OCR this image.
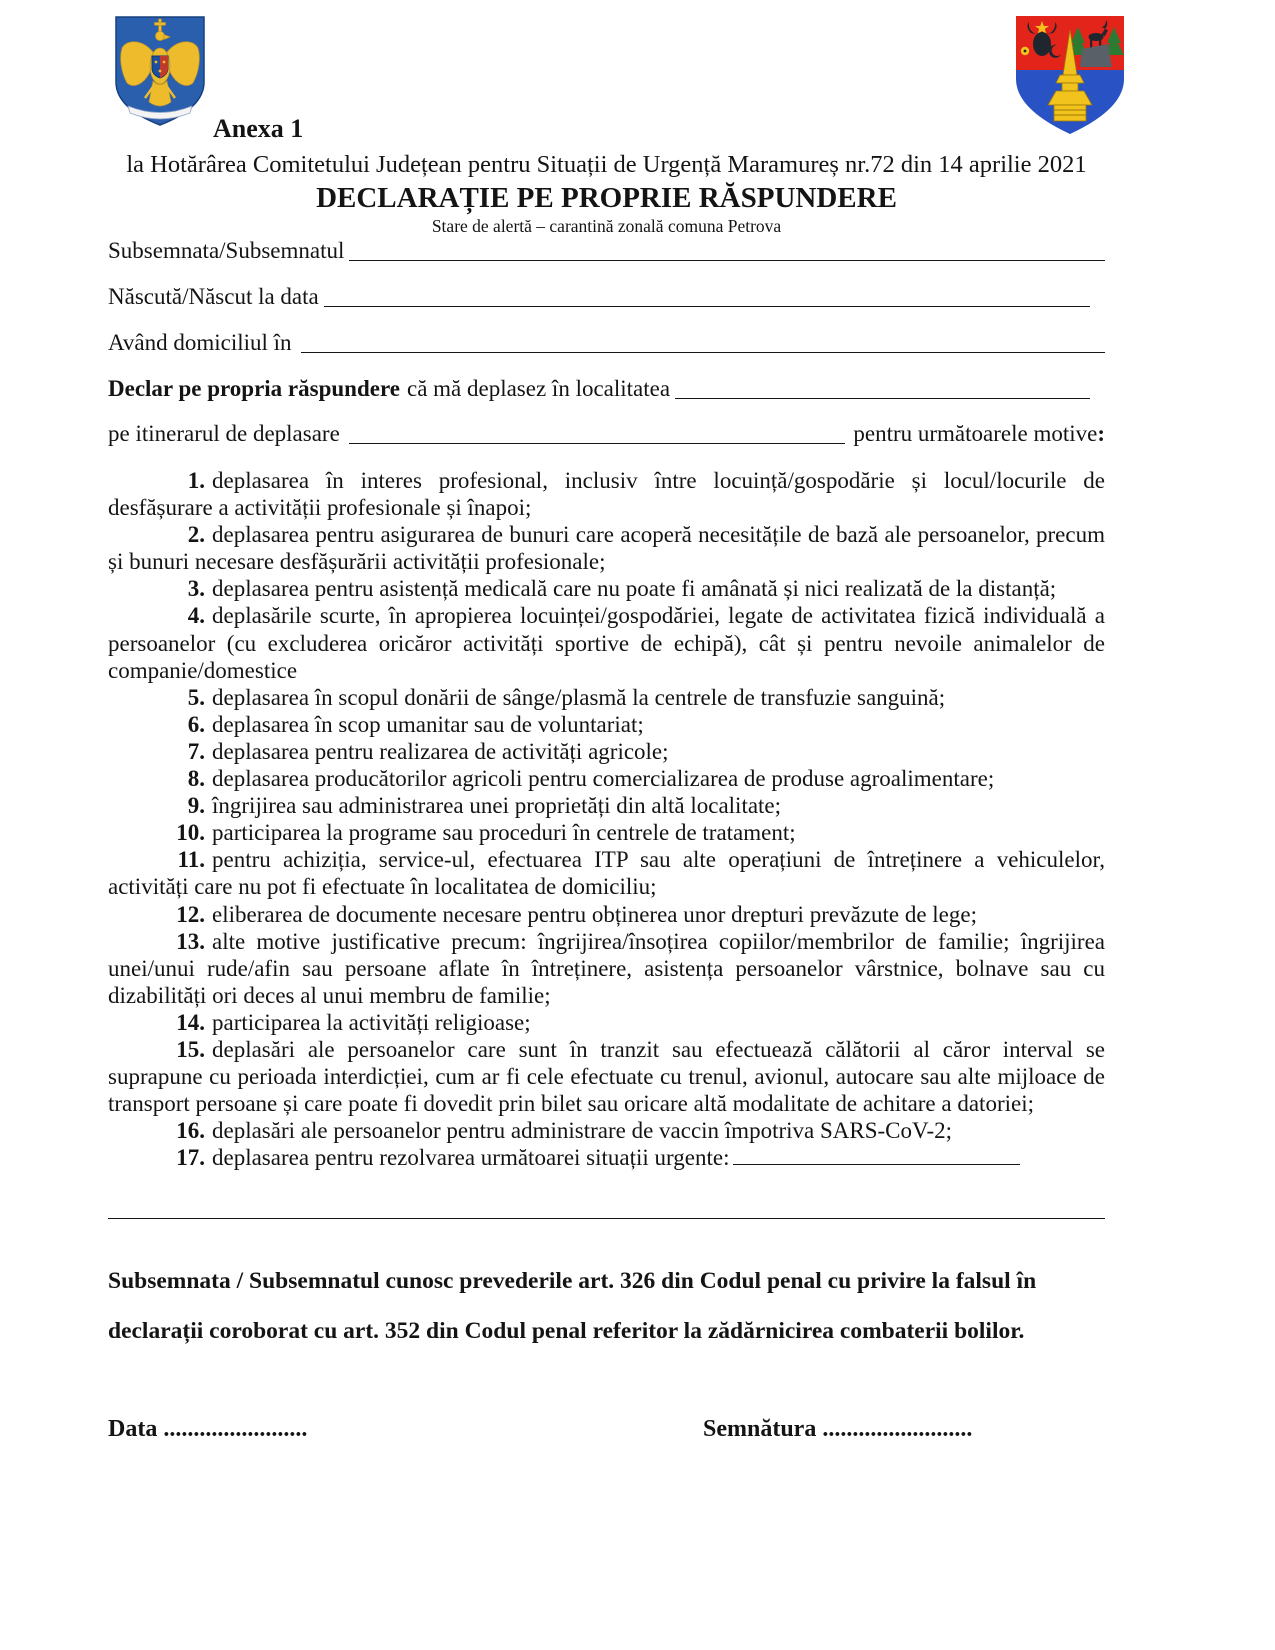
Anexa 1
la Hotărârea Comitetului Județean pentru Situații de Urgență Maramureș nr.72 din 14 aprilie 2021
DECLARAȚIE PE PROPRIE RĂSPUNDERE
Stare de alertă – carantină zonală comuna Petrova
Subsemnata/Subsemnatul
Născută/Născut la data
Având domiciliul în
Declar pe propria răspundere că mă deplasez în localitatea
pe itinerarul de deplasare	pentru următoarele motive:

1. deplasarea în interes profesional, inclusiv între locuință/gospodărie și locul/locurile de desfășurare a activității profesionale și înapoi;

2. deplasarea pentru asigurarea de bunuri care acoperă necesitățile de bază ale persoanelor, precum și bunuri necesare desfășurării activității profesionale;

3. deplasarea pentru asistență medicală care nu poate fi amânată și nici realizată de la distanță;

4. deplasările scurte, în apropierea locuinței/gospodăriei, legate de activitatea fizică individuală a persoanelor (cu excluderea oricăror activități sportive de echipă), cât și pentru nevoile animalelor de companie/domestice

5. deplasarea în scopul donării de sânge/plasmă la centrele de transfuzie sanguină;

6. deplasarea în scop umanitar sau de voluntariat;

7. deplasarea pentru realizarea de activități agricole;

8. deplasarea producătorilor agricoli pentru comercializarea de produse agroalimentare;

9. îngrijirea sau administrarea unei proprietăți din altă localitate;

10. participarea la programe sau proceduri în centrele de tratament;

11. pentru achiziția, service-ul, efectuarea ITP sau alte operațiuni de întreținere a vehiculelor, activități care nu pot fi efectuate în localitatea de domiciliu;

12. eliberarea de documente necesare pentru obținerea unor drepturi prevăzute de lege;

13. alte motive justificative precum: îngrijirea/însoțirea copiilor/membrilor de familie; îngrijirea unei/unui rude/afin sau persoane aflate în întreținere, asistența persoanelor vârstnice, bolnave sau cu dizabilități ori deces al unui membru de familie;

14. participarea la activități religioase;

15. deplasări ale persoanelor care sunt în tranzit sau efectuează călătorii al căror interval se suprapune cu perioada interdicției, cum ar fi cele efectuate cu trenul, avionul, autocare sau alte mijloace de transport persoane și care poate fi dovedit prin bilet sau oricare altă modalitate de achitare a datoriei;

16. deplasări ale persoanelor pentru administrare de vaccin împotriva SARS-CoV-2;

17. deplasarea pentru rezolvarea următoarei situații urgente:

Subsemnata / Subsemnatul cunosc prevederile art. 326 din Codul penal cu privire la falsul în declarații coroborat cu art. 352 din Codul penal referitor la zădărnicirea combaterii bolilor.

Data ........................	Semnătura .........................
